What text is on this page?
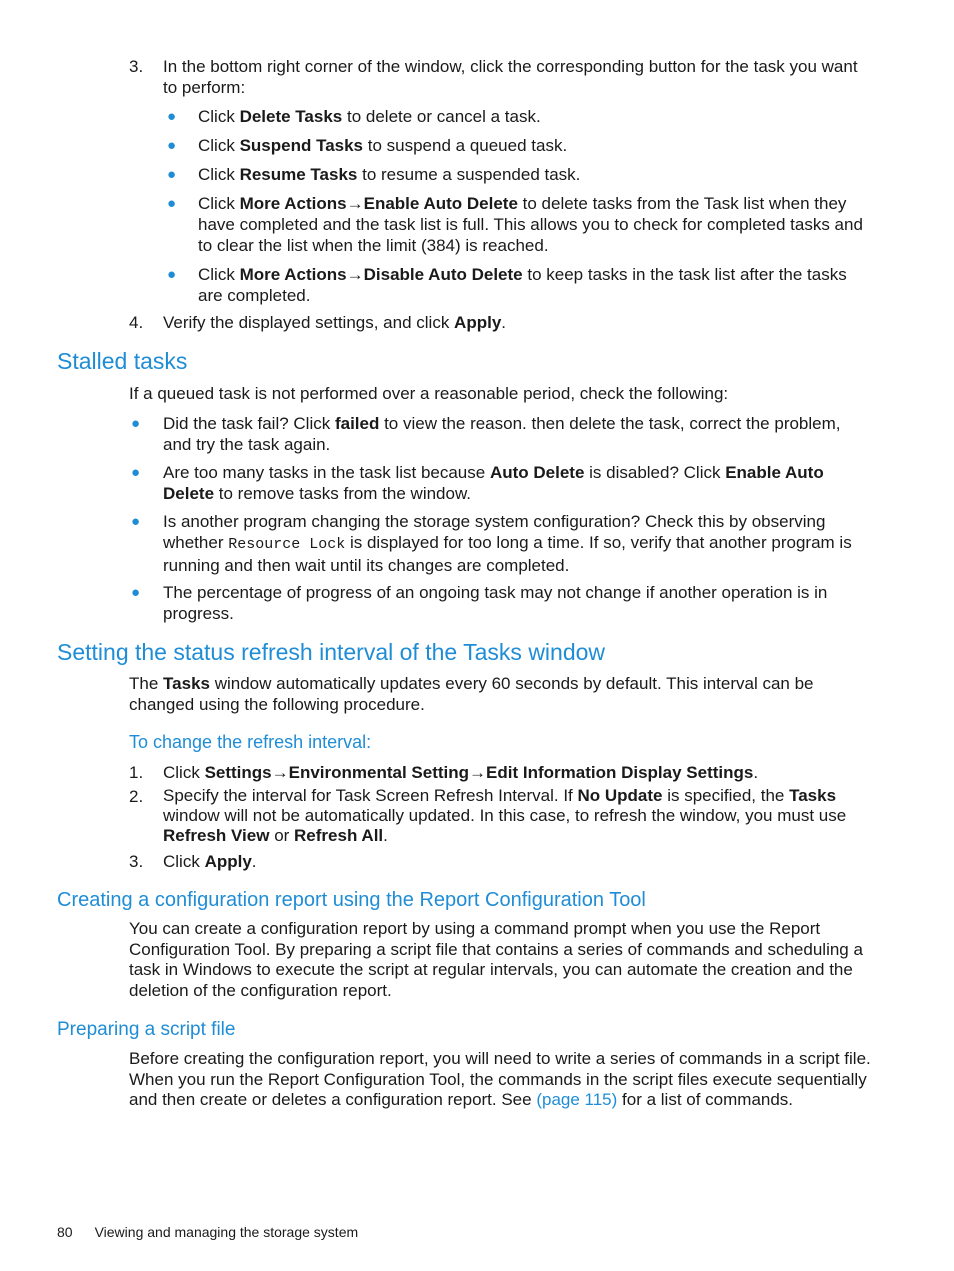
3. In the bottom right corner of the window, click the corresponding button for the task you want to perform:

● Click Delete Tasks to delete or cancel a task.

● Click Suspend Tasks to suspend a queued task.

● Click Resume Tasks to resume a suspended task.

● Click More Actions→Enable Auto Delete to delete tasks from the Task list when they have completed and the task list is full. This allows you to check for completed tasks and to clear the list when the limit (384) is reached.

● Click More Actions→Disable Auto Delete to keep tasks in the task list after the tasks are completed.

4. Verify the displayed settings, and click Apply.

Stalled tasks

If a queued task is not performed over a reasonable period, check the following:

● Did the task fail? Click failed to view the reason. then delete the task, correct the problem, and try the task again.

● Are too many tasks in the task list because Auto Delete is disabled? Click Enable Auto Delete to remove tasks from the window.

● Is another program changing the storage system configuration? Check this by observing whether Resource Lock is displayed for too long a time. If so, verify that another program is running and then wait until its changes are completed.

● The percentage of progress of an ongoing task may not change if another operation is in progress.

Setting the status refresh interval of the Tasks window

The Tasks window automatically updates every 60 seconds by default. This interval can be changed using the following procedure.

To change the refresh interval:
1. Click Settings→Environmental Setting→Edit Information Display Settings.

2. Specify the interval for Task Screen Refresh Interval. If No Update is specified, the Tasks window will not be automatically updated. In this case, to refresh the window, you must use Refresh View or Refresh All.

3. Click Apply.

Creating a configuration report using the Report Configuration Tool

You can create a configuration report by using a command prompt when you use the Report Configuration Tool. By preparing a script file that contains a series of commands and scheduling a task in Windows to execute the script at regular intervals, you can automate the creation and the deletion of the configuration report.

Preparing a script file

Before creating the configuration report, you will need to write a series of commands in a script file. When you run the Report Configuration Tool, the commands in the script files execute sequentially and then create or deletes a configuration report. See (page 115) for a list of commands.

80 Viewing and managing the storage system
